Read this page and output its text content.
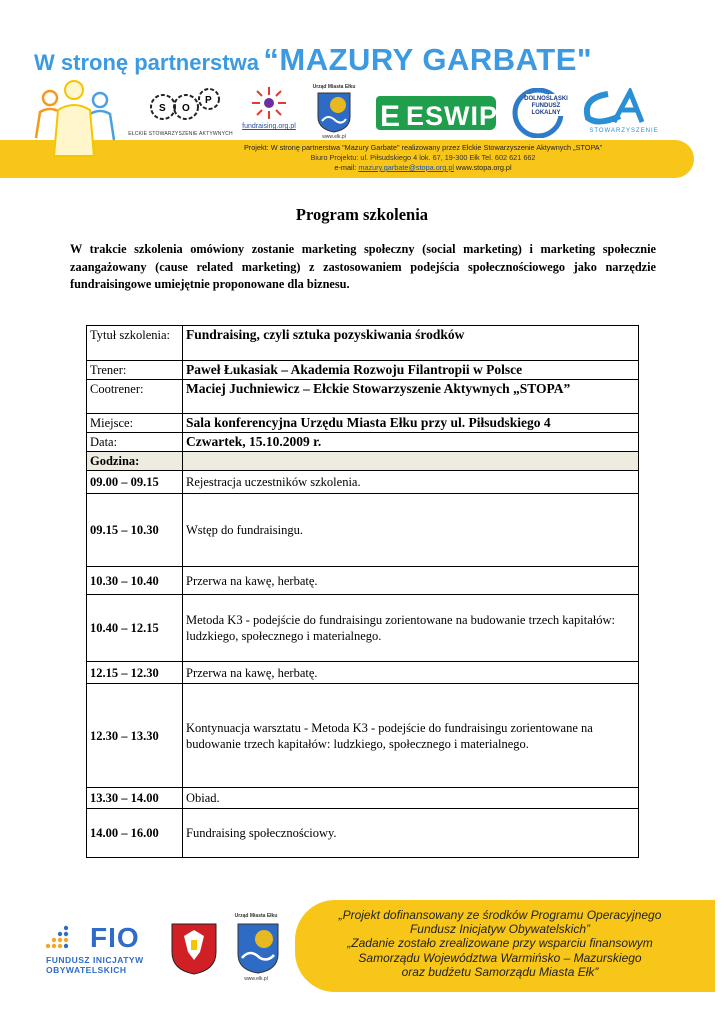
W stronę partnerstwa “MAZURY GARBATE"
S O
P
EŁCKIE STOWARZYSZENIE AKTYWNYCH
fundraising.org.pl
Urząd Miasta Ełku
www.elk.pl
E ESWIP
DOLNOŚLĄSKI FUNDUSZ LOKALNY
STOWARZYSZENIE
Projekt: W stronę partnerstwa "Mazury Garbate" realizowany przez Ełckie Stowarzyszenie Aktywnych „STOPA”
Biuro Projektu: ul. Piłsudskiego 4 lok. 67, 19-300 Ełk Tel. 602 621 662
e-mail: mazury.garbate@stopa.org.pl www.stopa.org.pl
Program szkolenia
W trakcie szkolenia omówiony zostanie marketing społeczny (social marketing) i marketing społecznie zaangażowany (cause related marketing) z zastosowaniem podejścia społecznościowego jako narzędzie fundraisingowe umiejętnie proponowane dla biznesu.
Tytuł szkolenia:	Fundraising, czyli sztuka pozyskiwania środków
Trener:	Paweł Łukasiak – Akademia Rozwoju Filantropii w Polsce
Cootrener:	Maciej Juchniewicz – Ełckie Stowarzyszenie Aktywnych „STOPA”
Miejsce:	Sala konferencyjna Urzędu Miasta Ełku przy ul. Piłsudskiego 4
Data:	Czwartek, 15.10.2009 r.
Godzina:	
09.00 – 09.15	Rejestracja uczestników szkolenia.
09.15 – 10.30	Wstęp do fundraisingu.
10.30 – 10.40	Przerwa na kawę, herbatę.
10.40 – 12.15	Metoda K3 - podejście do fundraisingu zorientowane na budowanie trzech kapitałów: ludzkiego, społecznego i materialnego.
12.15 – 12.30	Przerwa na kawę, herbatę.
12.30 – 13.30	Kontynuacja warsztatu - Metoda K3 - podejście do fundraisingu zorientowane na budowanie trzech kapitałów: ludzkiego, społecznego i materialnego.
13.30 – 14.00	Obiad.
14.00 – 16.00	Fundraising społecznościowy.
FIO
FUNDUSZ INICJATYW
OBYWATELSKICH
Urząd Miasta Ełku
www.elk.pl
„Projekt dofinansowany ze środków Programu Operacyjnego
Fundusz Inicjatyw Obywatelskich”
„Zadanie zostało zrealizowane przy wsparciu finansowym
Samorządu Województwa Warmińsko – Mazurskiego
oraz budżetu Samorządu Miasta Ełk”
